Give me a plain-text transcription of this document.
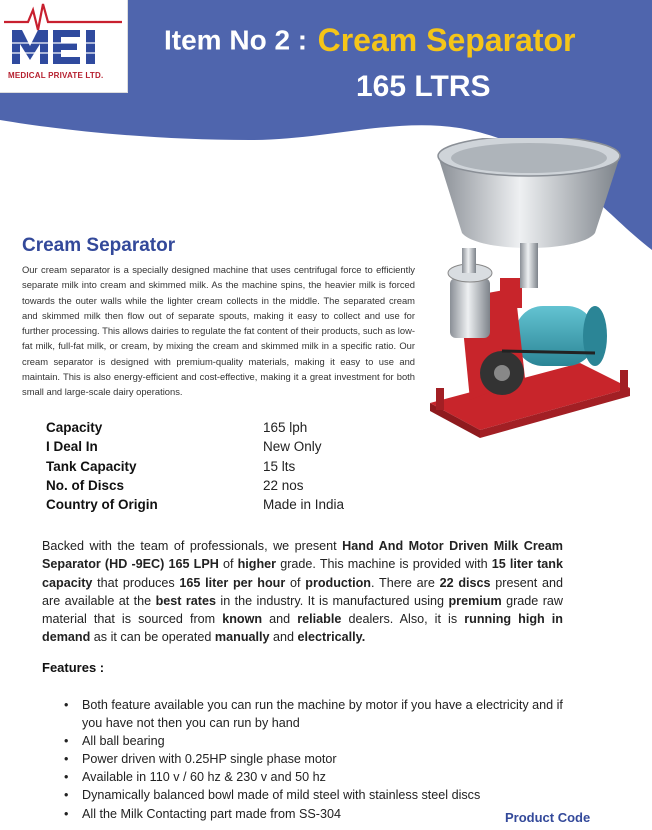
MEDICAL PRIVATE LTD.
Item No 2 : Cream Separator
165 LTRS
Cream Separator

Our cream separator is a specially designed machine that uses centrifugal force to efficiently separate milk into cream and skimmed milk. As the machine spins, the heavier milk is forced towards the outer walls while the lighter cream collects in the middle. The separated cream and skimmed milk then flow out of separate spouts, making it easy to collect and use for further processing. This allows dairies to regulate the fat content of their products, such as low-fat milk, full-fat milk, or cream, by mixing the cream and skimmed milk in a specific ratio. Our cream separator is designed with premium-quality materials, making it easy to use and maintain. This is also energy-efficient and cost-effective, making it a great investment for both small and large-scale dairy operations.

Capacity	165 lph
I Deal In	New Only
Tank Capacity	15 lts
No. of Discs	22 nos
Country of Origin	Made in India

Backed with the team of professionals, we present Hand And Motor Driven Milk Cream Separator (HD -9EC) 165 LPH of higher grade. This machine is provided with 15 liter tank capacity that produces 165 liter per hour of production. There are 22 discs present and are available at the best rates in the industry. It is manufactured using premium grade raw material that is sourced from known and reliable dealers. Also, it is running high in demand as it can be operated manually and electrically.

Features :
• Both feature available you can run the machine by motor if you have a electricity and if you have not then you can run by hand
• All ball bearing
• Power driven with 0.25HP single phase motor
• Available in 110 v / 60 hz & 230 v and 50 hz
• Dynamically balanced bowl made of mild steel with stainless steel discs
• All the Milk Contacting part made from SS-304	Product Code
